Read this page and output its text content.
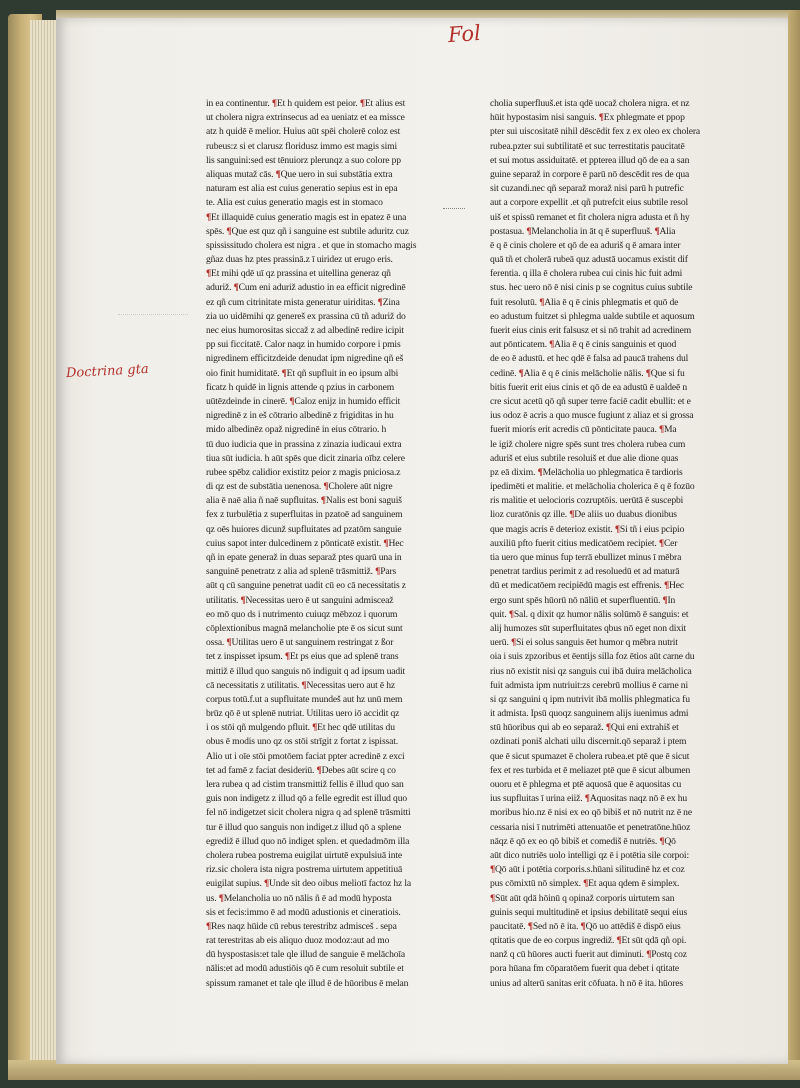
Fol
Doctrina gta
in ea continentur. ¶Et h quidem est peior. ¶Et alius est
ut cholera nigra extrinsecus ad ea ueniatz et ea missce
atz h quidē ē melior. Huius aūt spēi cholerē coloz est
rubeus:z si et clarusz floridusz immo est magis simi
lis sanguini:sed est tēnuiorz plerunqz a suo colore pp
aliquas mutaž cās. ¶Que uero in sui substātia extra
naturam est alia est cuius generatio sepius est in epa
te. Alia est cuius generatio magis est in stomaco
¶Et illaquidē cuius generatio magis est in epatez ē una
spēs. ¶Que est quz qñ i sanguine est subtile aduritz cuz
spississitudo cholera est nigra . et que in stomacho magis
gñaz duas hz ptes prassinā.z ī uiridez ut erugo eris.
¶Et mihi qdē uī qz prassina et uitellina generaz qñ
aduriž. ¶Cum eni aduriž adustio in ea efficit nigredinē
ez qñ cum citrinitate mista generatur uiriditas. ¶Zina
zia uo uidēmihi qz genereš ex prassina cū tñ aduriž do
nec eius humorositas siccaž z ad albedinē redire icipit
pp sui ficcitatē. Calor naqz in humido corpore i pmis
nigredinem efficitzdeide denudat ipm nigredine qñ eš
oio finit humiditatē. ¶Et qñ supfluit in eo ipsum albi
ficatz h quidē in lignis attende q pzius in carbonem
uūtēzdeinde in cinerē. ¶Caloz enijz in humido efficit
nigredinē z in eš cōtrario albedinē z frigiditas in hu
mido albedinēz opaž nigredinē in eius cōtrario. h
tū duo iudicia que in prassina z zinazia iudicaui extra
tiua sūt iudicia. h aūt spēs que dicit zinaria oībz celere
rubee spēbz calidior existitz peior z magis pniciosa.z
di qz est de substātia uenenosa. ¶Cholere aūt nigre
alia ē naē alia ñ naē supfluitas. ¶Nalis est boni saguiš
fex z turbulētia z superfluitas in pzatoē ad sanguinem
qz oēs huiores dicunž supfluitates ad pzatōm sanguie
cuius sapot inter dulcedinem z pōnticatē existit. ¶Hec
qñ in epate generaž in duas separaž ptes quarū una in
sanguinē penetratz z alia ad splenē trāsmittiž. ¶Pars
aūt q cū sanguine penetrat uadit cū eo cā necessitatis z
utilitatis. ¶Necessitas uero ē ut sanguini admisceaž
eo mō quo ds i nutrimento cuiuqz mēbzoz i quorum
cōplextionibus magnā melancholie pte ē os sicut sunt
ossa. ¶Utilitas uero ē ut sanguinem restringat z ßor
tet z inspisset ipsum. ¶Et ps eius que ad splenē trans
mittiž ē illud quo sanguis nō indiguit q ad ipsum uadit
cā necessitatis z utilitatis. ¶Necessitas uero aut ē hz
corpus totū.f.ut a supfluitate mundeš aut hz unū mem
brūz qō ē ut splenē nutriat. Utilitas uero iō accidit qz
i os stōi qñ mulgendo pfluit. ¶Et hec qdē utilitas du
obus ē modis uno qz os stōi strīgit z fortat z ispissat.
Alio ut i oīe stōi pmotōem faciat ppter acredinē z exci
tet ad famē z faciat desideriū. ¶Debes aūt scire q co
lera rubea q ad cistim transmittiž fellis ē illud quo san
guis non indigetz z illud qō a felle egredit est illud quo
fel nō indigetzet sicit cholera nigra q ad splenē trāsmitti
tur ē illud quo sanguis non indiget.z illud qō a splene
egrediž ē illud quo nō indiget splen. et quedadmōm illa
cholera rubea postrema euigilat uirtutē expulsiuā inte
riz.sic cholera ista nigra postrema uirtutem appetitiuā
euigilat supius. ¶Unde sit deo oibus meliotī factoz hz la
us. ¶Melancholia uo nō nālis ñ ē ad modū hyposta
sis et fecis:immo ē ad modū adustionis et cineratiois.
¶Res naqz hūide cū rebus terestribz admisceš . sepa
rat terestritas ab eis aliquo duoz modoz:aut ad mo
dū hyspostasis:et tale qle illud de sanguie ē melāchoīa
nālis:et ad modū adustiōis qō ē cum resoluit subtile et
spissum ramanet et tale qle illud ē de hūoribus ē melan
cholia superfluuš.et ista qdē uocaž cholera nigra. et nz
hūit hypostasim nisi sanguis. ¶Ex phlegmate et ppop
pter sui uiscositatē nihil dēscēdit fex z ex oleo ex cholera
rubea.pzter sui subtilitatē et suc terrestitatis paucitatē
et sui motus assiduitatē. et ppterea illud qō de ea a san
guine separaž in corpore ē parū nō descēdit res de qua
sit cuzandi.nec qñ separaž moraž nisi parū h putrefic
aut a corpore expellit .et qñ putrefcit eius subtile resol
uiš et spissū remanet et fit cholera nigra adusta et ñ hy
postasua. ¶Melancholia in āt q ē superfluuš. ¶Alia
ē q ē cinis cholere et qō de ea aduriš q ē amara inter
quā tñ et cholerā rubeā quz adustā uocamus existit dif
ferentia. q illa ē cholera rubea cui cinis hic fuit admi
stus. hec uero nō ē nisi cinis p se cognitus cuius subtile
fuit resolutū. ¶Alia ē q ē cinis phlegmatis et quō de
eo adustum fuitzet si phlegma ualde subtile et aquosum
fuerit eius cinis erit falsusz et si nō trahit ad acredinem
aut pōnticatem. ¶Alia ē q ē cinis sanguinis et quod
de eo ē adustū. et hec qdē ē falsa ad paucā trahens dul
cedinē. ¶Alia ē q ē cinis melācholie nālis. ¶Que si fu
bitis fuerit erit eius cinis et qō de ea adustū ē ualdeē n
cre sicut acetū qō qñ super terre faciē cadit ebullit: et e
ius odoz ē acris a quo musce fugiunt z aliaz et si grossa
fuerit miorís erit acredis cū pōnticitate pauca. ¶Ma
le igiž cholere nigre spēs sunt tres cholera rubea cum
aduriš et eius subtile resoluiš et due alie dione quas
pz eā dixim. ¶Melācholia uo phlegmatica ē tardioris
ipedimēti et malitie. et melācholia cholerica ē q ē fozūo
ris malitie et uelocioris cozruptōis. uerūtā ē suscepbi
lioz curatōnis qz ille. ¶De aliis uo duabus dionibus
que magis acris ē deterioz existit. ¶Si tñ i eius pcipio
auxiliū pfto fuerit citius medicatōem recipiet. ¶Cer
tia uero que minus fup terrā ebullizet minus ī mēbra
penetrat tardius perimit z ad resoluedū et ad maturā
dū et medicatōem recipiēdū magis est effrenis. ¶Hec
ergo sunt spēs hūorū nō nāliū et superfluentiū. ¶In
quit. ¶Sal. q dixit qz humor nālis solūmō ē sanguis: et
alij humozes sūt superfluitates qbus nō eget non dixit
uerū. ¶Si ei solus sanguis ēet humor q mēbra nutrit
oia i suis zpzoribus et ēentijs silla foz ētios aūt carne du
rius nō existit nisi qz sanguis cui ibā duira melācholica
fuit admista ipm nutriuit:zs cerebrū mollius ē carne ni
si qz sanguini q ipm nutrivit ibā mollis phlegmatica fu
it admista. Ipsū quoqz sanguinem alijs iuenimus admi
stū hūoribus qui ab eo separaž. ¶Qui eni extrahiš et
ozdinati poniš alchati uilu discernit.qō separaž i ptem
que ē sicut spumazet ē cholera rubea.et ptē que ē sicut
fex et res turbida et ē meliazet ptē que ē sicut albumen
ouoru et ē phlegma et ptē aquosā que ē aquositas cu
ius supfluitas ī urina eiiž. ¶Aquositas naqz nō ē ex hu
moribus hio.nz ē nisi ex eo qō bibiš et nō nutrit nz ē ne
cessaria nisi ī nutrimēti attenuatōe et penetratōne.hūoz
nāqz ē qō ex eo qō bibiš et comediš ē nutriēs. ¶Qō
aūt dico nutriēs uolo intelligi qz ē i potētia sile corpoi:
¶Qō aūt i potētia corporis.s.hūani silitudinē hz et coz
pus cōmixtū nō simplex. ¶Et aqua qdem ē simplex.
¶Sūt aūt qdā hōinū q opinaž corporis uirtutem san
guinis sequi multitudinē et ipsius debilitatē sequi eius
paucitatē. ¶Sed nō ē ita. ¶Qō uo attēdiš ē dispō eius
qtitatis que de eo corpus ingrediž. ¶Et sūt qdā qñ opi.
nanž q cū hūores aucti fuerit aut diminuti. ¶Postq coz
pora hūana fm cōparatōem fuerit qua debet i qtitate
unius ad alterū sanitas erit cōfuata. h nō ē ita. hūores
